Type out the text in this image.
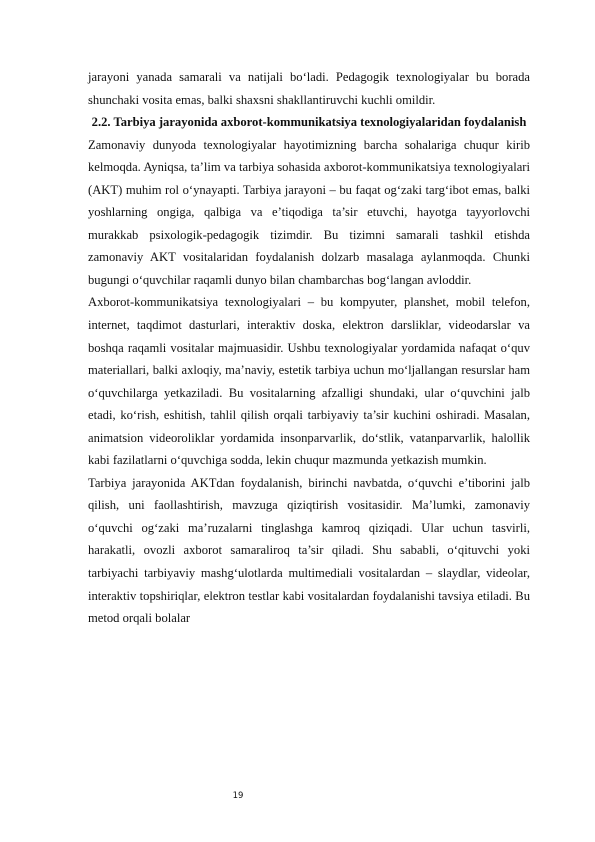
jarayoni yanada samarali va natijali bo‘ladi. Pedagogik texnologiyalar bu borada shunchaki vosita emas, balki shaxsni shakllantiruvchi kuchli omildir.

2.2. Tarbiya jarayonida axborot-kommunikatsiya texnologiyalaridan foydalanish

Zamonaviy dunyoda texnologiyalar hayotimizning barcha sohalariga chuqur kirib kelmoqda. Ayniqsa, ta’lim va tarbiya sohasida axborot-kommunikatsiya texnologiyalari (AKT) muhim rol o‘ynayapti. Tarbiya jarayoni – bu faqat og‘zaki targ‘ibot emas, balki yoshlarning ongiga, qalbiga va e’tiqodiga ta’sir etuvchi, hayotga tayyorlovchi murakkab psixologik-pedagogik tizimdir. Bu tizimni samarali tashkil etishda zamonaviy AKT vositalaridan foydalanish dolzarb masalaga aylanmoqda. Chunki bugungi o‘quvchilar raqamli dunyo bilan chambarchas bog‘langan avloddir.

Axborot-kommunikatsiya texnologiyalari – bu kompyuter, planshet, mobil telefon, internet, taqdimot dasturlari, interaktiv doska, elektron darsliklar, videodarslar va boshqa raqamli vositalar majmuasidir. Ushbu texnologiyalar yordamida nafaqat o‘quv materiallari, balki axloqiy, ma’naviy, estetik tarbiya uchun mo‘ljallangan resurslar ham o‘quvchilarga yetkaziladi. Bu vositalarning afzalligi shundaki, ular o‘quvchini jalb etadi, ko‘rish, eshitish, tahlil qilish orqali tarbiyaviy ta’sir kuchini oshiradi. Masalan, animatsion videoroliklar yordamida insonparvarlik, do‘stlik, vatanparvarlik, halollik kabi fazilatlarni o‘quvchiga sodda, lekin chuqur mazmunda yetkazish mumkin.

Tarbiya jarayonida AKTdan foydalanish, birinchi navbatda, o‘quvchi e’tiborini jalb qilish, uni faollashtirish, mavzuga qiziqtirish vositasidir. Ma’lumki, zamonaviy o‘quvchi og‘zaki ma’ruzalarni tinglashga kamroq qiziqadi. Ular uchun tasvirli, harakatli, ovozli axborot samaraliroq ta’sir qiladi. Shu sababli, o‘qituvchi yoki tarbiyachi tarbiyaviy mashg‘ulotlarda multimediali vositalardan – slaydlar, videolar, interaktiv topshiriqlar, elektron testlar kabi vositalardan foydalanishi tavsiya etiladi. Bu metod orqali bolalar

19
